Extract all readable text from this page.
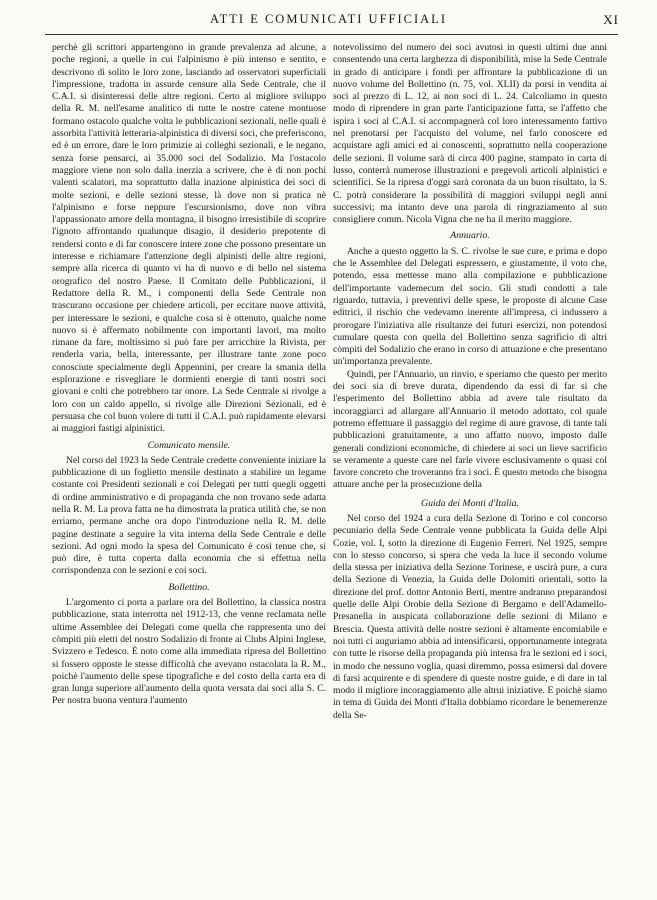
ATTI E COMUNICATI UFFICIALI	XI

perchè gli scrittori appartengono in grande prevalenza ad alcune, a poche regioni, a quelle in cui l'alpinismo è più intenso e sentito, e descrivono di solito le loro zone, lasciando ad osservatori superficiali l'impressione, tradotta in assurde censure alla Sede Centrale, che il C.A.I. si disinteressi delle altre regioni. Certo al migliore sviluppo della R. M. nell'esame analitico di tutte le nostre catene montuose formano ostacolo qualche volta le pubblicazioni sezionali, nelle quali è assorbita l'attività letteraria-alpinistica di diversi soci, che preferiscono, ed è un errore, dare le loro primizie ai colleghi sezionali, e le negano, senza forse pensarci, ai 35.000 soci del Sodalizio. Ma l'ostacolo maggiore viene non solo dalla inerzia a scrivere, che è di non pochi valenti scalatori, ma soprattutto dalla inazione alpinistica dei soci di molte sezioni, e delle sezioni stesse, là dove non si pratica nè l'alpinismo e forse neppure l'escursionismo, dove non vibra l'appassionato amore della montagna, il bisogno irresistibile di scoprire l'ignoto affrontando qualunque disagio, il desiderio prepotente di rendersi conto e di far conoscere intere zone che possono presentare un interesse e richiamare l'attenzione degli alpinisti delle altre regioni, sempre alla ricerca di quanto vi ha di nuovo e di bello nel sistema orografico del nostro Paese. Il Comitato delle Pubblicazioni, il Redattore della R. M., i componenti della Sede Centrale non trascurano occasione per chiedere articoli, per eccitare nuove attività, per interessare le sezioni, e qualche cosa si è ottenuto, qualche nome nuovo si è affermato nobilmente con importanti lavori, ma molto rimane da fare, moltissimo si può fare per arricchire la Rivista, per renderla varia, bella, interessante, per illustrare tante zone poco conosciute specialmente degli Appennini, per creare la smania della esplorazione e risvegliare le dormienti energie di tanti nostri soci giovani e colti che potrebbero tar onore. La Sede Centrale si rivolge a loro con un caldo appello, si rivolge alle Direzioni Sezionali, ed è persuasa che col buon volere di tutti il C.A.I. può rapidamente elevarsi ai maggiori fastigi alpinistici.

Comunicato mensile.

Nel corso del 1923 la Sede Centrale credette conveniente iniziare la pubblicazione di un foglietto mensile destinato a stabilire un legame costante coi Presidenti sezionali e coi Delegati per tutti quegli oggetti di ordine amministrativo e di propaganda che non trovano sede adatta nella R. M. La prova fatta ne ha dimostrata la pratica utilità che, se non erriamo, permane anche ora dopo l'introduzione nella R. M. delle pagine destinate a seguire la vita interna della Sede Centrale e delle sezioni. Ad ogni modo la spesa del Comunicato è così tenue che, si può dire, è tutta coperta dalla economia che si effettua nella corrispondenza con le sezioni e coi soci.

Bollettino.

L'argomento ci porta a parlare ora del Bollettino, la classica nostra pubblicazione, stata interrotta nel 1912-13, che venne reclamata nelle ultime Assemblee dei Delegati come quella che rappresenta uno dei còmpiti più eletti del nostro Sodalizio di fronte ai Clubs Alpini Inglese, Svizzero e Tedesco. È noto come alla immediata ripresa del Bollettino si fossero opposte le stesse difficoltà che avevano ostacolata la R. M., poichè l'aumento delle spese tipografiche e del costo della carta era di gran lunga superiore all'aumento della quota versata dai soci alla S. C. Per nostra buona ventura l'aumento

notevolissimo del numero dei soci avutosi in questi ultimi due anni consentendo una certa larghezza di disponibilità, mise la Sede Centrale in grado di anticipare i fondi per affrontare la pubblicazione di un nuovo volume del Bollettino (n. 75, vol. XLII) da porsi in vendita ai soci al prezzo di L. 12, ai non soci di L. 24. Calcoliamo in questo modo di riprendere in gran parte l'anticipazione fatta, se l'affetto che ispira i soci al C.A.I. si accompagnerà col loro interessamento fattivo nel prenotarsi per l'acquisto del volume, nel farlo conoscere ed acquistare agli amici ed ai conoscenti, soprattutto nella cooperazione delle sezioni. Il volume sarà di circa 400 pagine, stampato in carta di lusso, conterrà numerose illustrazioni e pregevoli articoli alpinistici e scientifici. Se la ripresa d'oggi sarà coronata da un buon risultato, la S. C. potrà considerare la possibilità di maggiori sviluppi negli anni successivi; ma intanto deve una parola di ringraziamento al suo consigliere comm. Nicola Vigna che ne ha il merito maggiore.

Annuario.

Anche a questo oggetto la S. C. rivolse le sue cure, e prima e dopo che le Assemblee del Delegati espressero, e giustamente, il voto che, potendo, essa mettesse mano alla compilazione e pubblicazione dell'importante vademecum del socio. Gli studi condotti a tale riguardo, tuttavia, i preventivi delle spese, le proposte di alcune Case editrici, il rischio che vedevamo inerente all'impresa, ci indussero a prorogare l'iniziativa alle risultanze dei futuri esercizi, non potendosi cumulare questa con quella del Bollettino senza sagrificio di altri còmpiti del Sodalizio che erano in corso di attuazione e che presentano un'importanza prevalente.

Quindi, per l'Annuario, un rinvio, e speriamo che questo per merito dei soci sia di breve durata, dipendendo da essi di far sì che l'esperimento del Bollettino abbia ad avere tale risultato da incoraggiarci ad allargare all'Annuario il metodo adottato, col quale potremo effettuare il passaggio del regime di aure gravose, di tante tali pubblicazioni gratuitamente, a uno affatto nuovo, imposto dalle generali condizioni economiche, di chiedere ai soci un lieve sacrificio se veramente a queste care nel farle vivere esclusivamente o quasi col favore concreto che troveranno fra i soci. È questo metodo che bisogna attuare anche per la prosecuzione della

Guida dei Monti d'Italia.

Nel corso del 1924 a cura della Sezione di Torino e col concorso pecuniario della Sede Centrale venne pubblicata la Guida delle Alpi Cozie, vol. I, sotto la direzione di Eugenio Ferreri. Nel 1925, sempre con lo stesso concorso, si spera che veda la luce il secondo volume della stessa per iniziativa della Sezione Torinese, e uscirà pure, a cura della Sezione di Venezia, la Guida delle Dolomiti orientali, sotto la direzione del prof. dottor Antonio Berti, mentre andranno preparandosi quelle delle Alpi Orobie della Sezione di Bergamo e dell'Adamello-Presanella in auspicata collaborazione delle sezioni di Milano e Brescia. Questa attività delle nostre sezioni è altamente encomiabile e noi tutti ci auguriamo abbia ad intensificarsi, opportunamente integrata con tutte le risorse della propaganda più intensa fra le sezioni ed i soci, in modo che nessuno voglia, quasi diremmo, possa esimersi dal dovere di farsi acquirente e di spendere di queste nostre guide, e di dare in tal modo il migliore incoraggiamento alle altrui iniziative. E poichè siamo in tema di Guida dei Monti d'Italia dobbiamo ricordare le benemerenze della Se-
